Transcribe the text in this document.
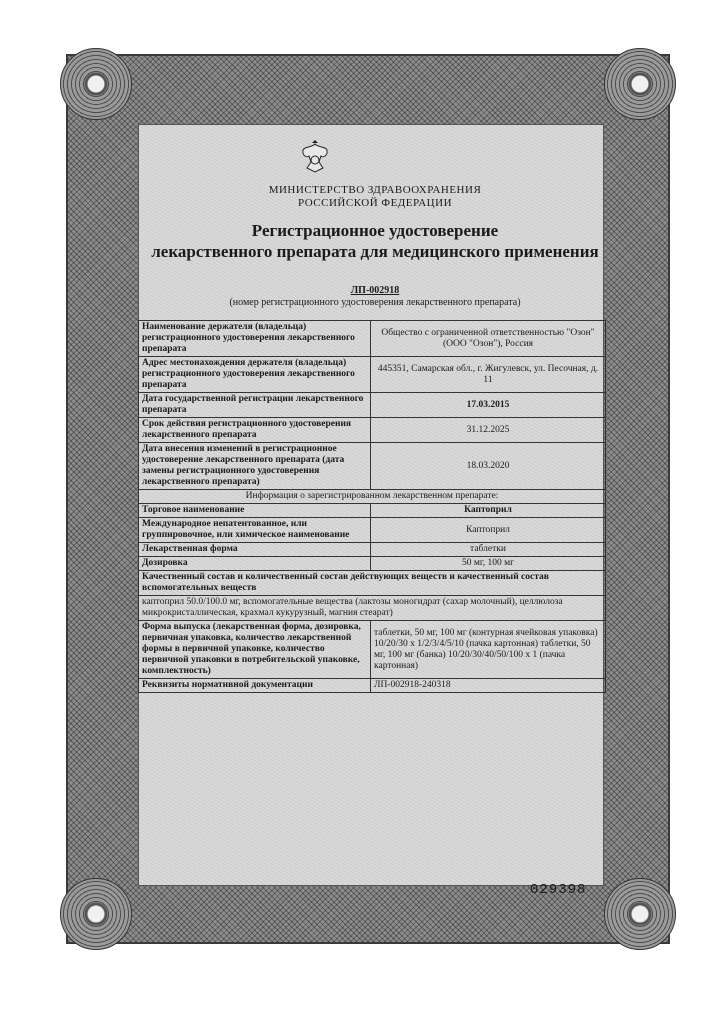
МИНИСТЕРСТВО ЗДРАВООХРАНЕНИЯ
РОССИЙСКОЙ ФЕДЕРАЦИИ
Регистрационное удостоверение
лекарственного препарата для медицинского применения
ЛП-002918
(номер регистрационного удостоверения лекарственного препарата)
Наименование держателя (владельца) регистрационного удостоверения лекарственного препарата	Общество с ограниченной ответственностью "Озон" (ООО "Озон"), Россия
Адрес местонахождения держателя (владельца) регистрационного удостоверения лекарственного препарата	445351, Самарская обл., г. Жигулевск, ул. Песочная, д. 11
Дата государственной регистрации лекарственного препарата	17.03.2015
Срок действия регистрационного удостоверения лекарственного препарата	31.12.2025
Дата внесения изменений в регистрационное удостоверение лекарственного препарата (дата замены регистрационного удостоверения лекарственного препарата)	18.03.2020
Информация о зарегистрированном лекарственном препарате:	
Торговое наименование	Каптоприл
Международное непатентованное, или группировочное, или химическое наименование	Каптоприл
Лекарственная форма	таблетки
Дозировка	50 мг, 100 мг
Качественный состав и количественный состав действующих веществ и качественный состав вспомогательных веществ	
каптоприл 50.0/100.0 мг, вспомогательные вещества (лактозы моногидрат (сахар молочный), целлюлоза микрокристаллическая, крахмал кукурузный, магния стеарат)	
Форма выпуска (лекарственная форма, дозировка, первичная упаковка, количество лекарственной формы в первичной упаковке, количество первичной упаковки в потребительской упаковке, комплектность)	таблетки, 50 мг, 100 мг (контурная ячейковая упаковка) 10/20/30 x 1/2/3/4/5/10 (пачка картонная) таблетки, 50 мг, 100 мг (банка) 10/20/30/40/50/100 x 1 (пачка картонная)
Реквизиты нормативной документации	ЛП-002918-240318
029398
